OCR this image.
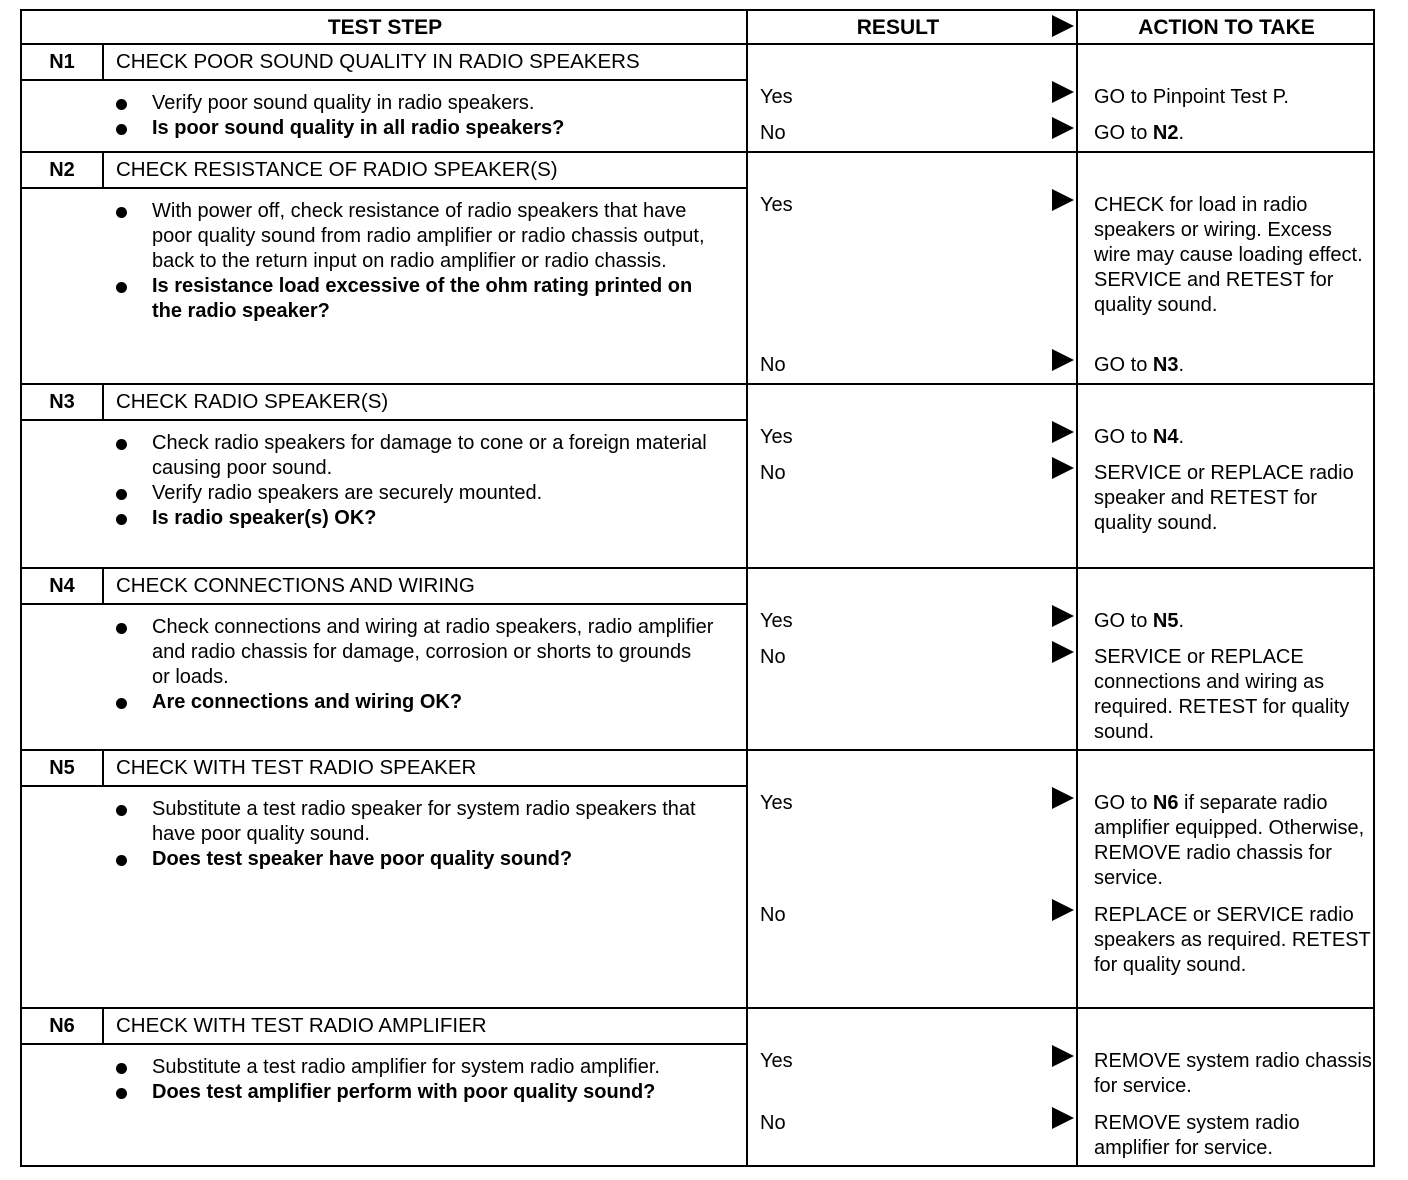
TEST STEP	RESULT	ACTION TO TAKE
N1	CHECK POOR SOUND QUALITY IN RADIO SPEAKERS
Verify poor sound quality in radio speakers.
Is poor sound quality in all radio speakers?
Yes	GO to Pinpoint Test P.
No	GO to N2.
N2	CHECK RESISTANCE OF RADIO SPEAKER(S)
With power off, check resistance of radio speakers that have poor quality sound from radio amplifier or radio chassis output, back to the return input on radio amplifier or radio chassis.
Is resistance load excessive of the ohm rating printed on the radio speaker?
Yes	CHECK for load in radio speakers or wiring. Excess wire may cause loading effect. SERVICE and RETEST for quality sound.
No	GO to N3.
N3	CHECK RADIO SPEAKER(S)
Check radio speakers for damage to cone or a foreign material causing poor sound.
Verify radio speakers are securely mounted.
Is radio speaker(s) OK?
Yes	GO to N4.
No	SERVICE or REPLACE radio speaker and RETEST for quality sound.
N4	CHECK CONNECTIONS AND WIRING
Check connections and wiring at radio speakers, radio amplifier and radio chassis for damage, corrosion or shorts to grounds or loads.
Are connections and wiring OK?
Yes	GO to N5.
No	SERVICE or REPLACE connections and wiring as required. RETEST for quality sound.
N5	CHECK WITH TEST RADIO SPEAKER
Substitute a test radio speaker for system radio speakers that have poor quality sound.
Does test speaker have poor quality sound?
Yes	GO to N6 if separate radio amplifier equipped. Otherwise, REMOVE radio chassis for service.
No	REPLACE or SERVICE radio speakers as required. RETEST for quality sound.
N6	CHECK WITH TEST RADIO AMPLIFIER
Substitute a test radio amplifier for system radio amplifier.
Does test amplifier perform with poor quality sound?
Yes	REMOVE system radio chassis for service.
No	REMOVE system radio amplifier for service.
